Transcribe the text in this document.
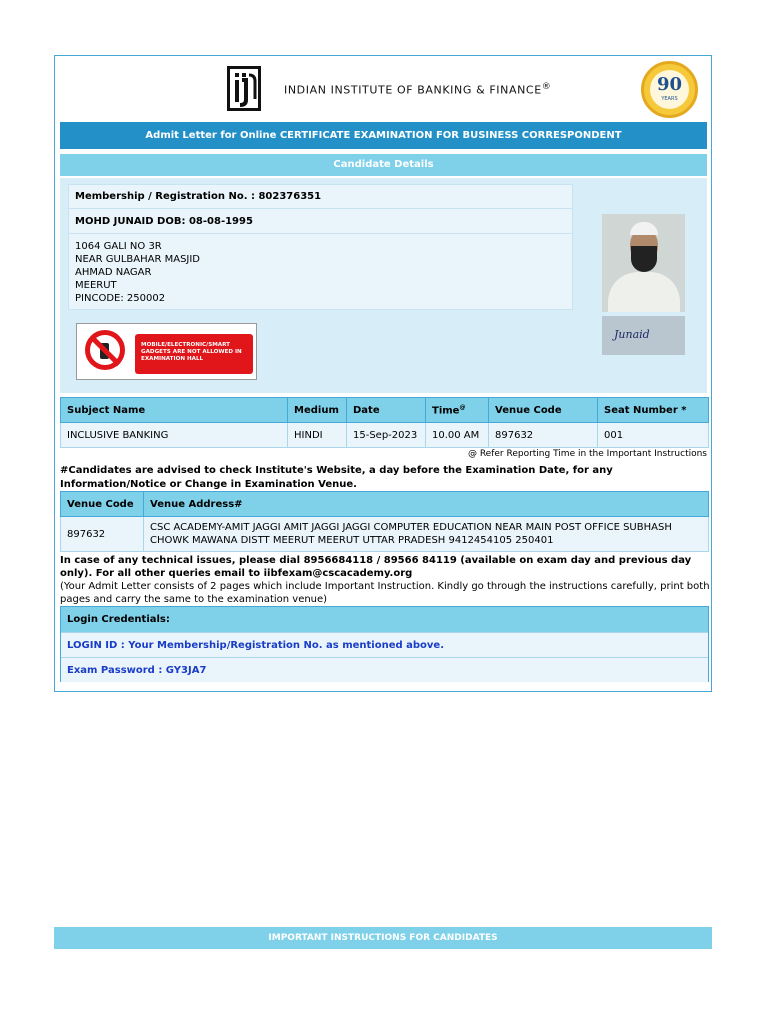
INDIAN INSTITUTE OF BANKING & FINANCE®	90
YEARS
Admit Letter for Online CERTIFICATE EXAMINATION FOR BUSINESS CORRESPONDENT
Candidate Details
Membership / Registration No. : 802376351
MOHD JUNAID DOB: 08-08-1995
1064 GALI NO 3R
NEAR GULBAHAR MASJID
AHMAD NAGAR
MEERUT
PINCODE: 250002
MOBILE/ELECTRONIC/SMART GADGETS ARE NOT ALLOWED IN EXAMINATION HALL
Junaid
Subject Name	Medium	Date	Time@	Venue Code	Seat Number *
INCLUSIVE BANKING	HINDI	15-Sep-2023	10.00 AM	897632	001
@ Refer Reporting Time in the Important Instructions
#Candidates are advised to check Institute's Website, a day before the Examination Date, for any Information/Notice or Change in Examination Venue.
Venue Code	Venue Address#
897632	CSC ACADEMY-AMIT JAGGI AMIT JAGGI JAGGI COMPUTER EDUCATION NEAR MAIN POST OFFICE SUBHASH CHOWK MAWANA DISTT MEERUT MEERUT UTTAR PRADESH 9412454105 250401
In case of any technical issues, please dial 8956684118 / 89566 84119 (available on exam day and previous day only). For all other queries email to iibfexam@cscacademy.org
(Your Admit Letter consists of 2 pages which include Important Instruction. Kindly go through the instructions carefully, print both pages and carry the same to the examination venue)
Login Credentials:
LOGIN ID : Your Membership/Registration No. as mentioned above.
Exam Password : GY3JA7
IMPORTANT INSTRUCTIONS FOR CANDIDATES
